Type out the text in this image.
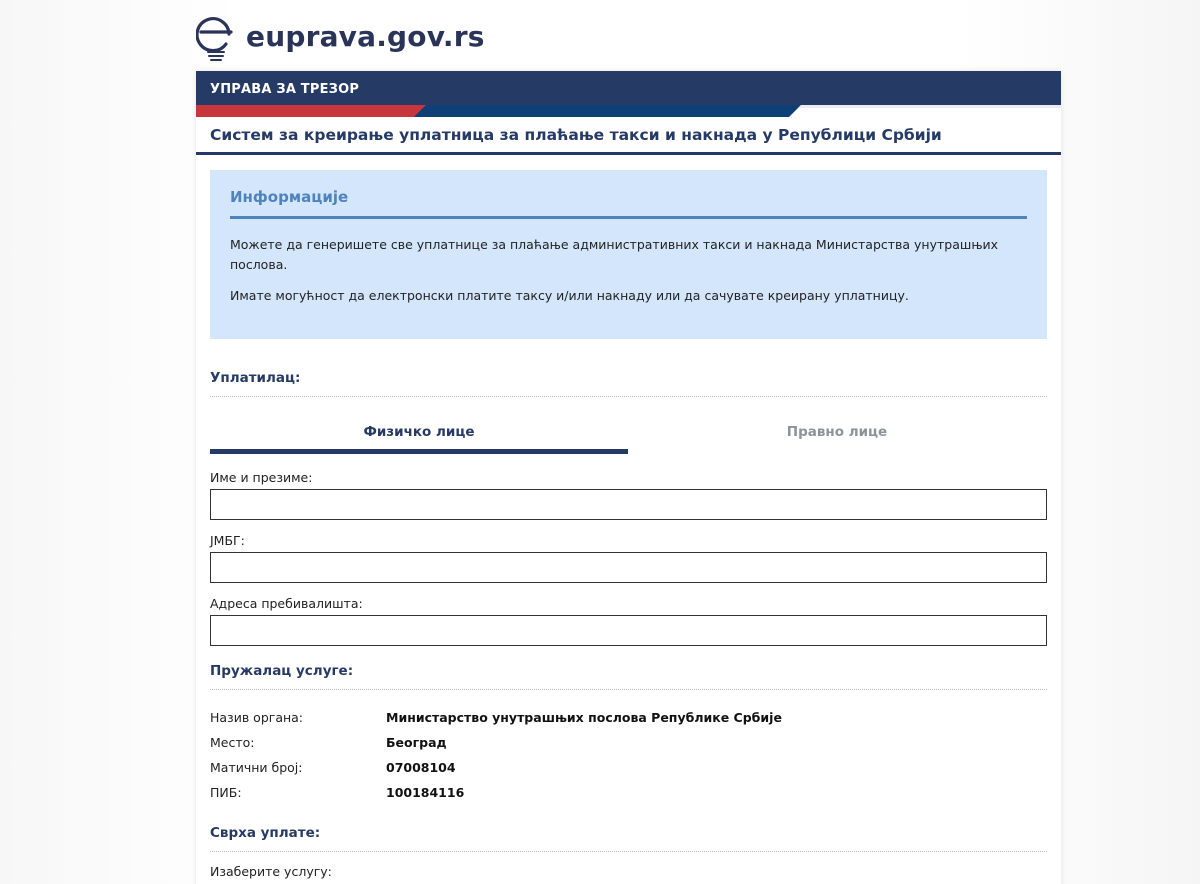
euprava.gov.rs
УПРАВА ЗА ТРЕЗОР
Систем за креирање уплатница за плаћање такси и накнада у Републици Србији
Информације

Можете да генеришете све уплатнице за плаћање административних такси и накнада Министарства унутрашњих послова.

Имате могућност да електронски платите таксу и/или накнаду или да сачувате креирану уплатницу.

Уплатилац:
Физичко лице	Правно лице
Име и презиме:
ЈМБГ:
Адреса пребивалишта:
Пружалац услуге:
Назив органа:	Министарство унутрашњих послова Републике Србије
Место:	Београд
Матични број:	07008104
ПИБ:	100184116
Сврха уплате:
Изаберите услугу:
